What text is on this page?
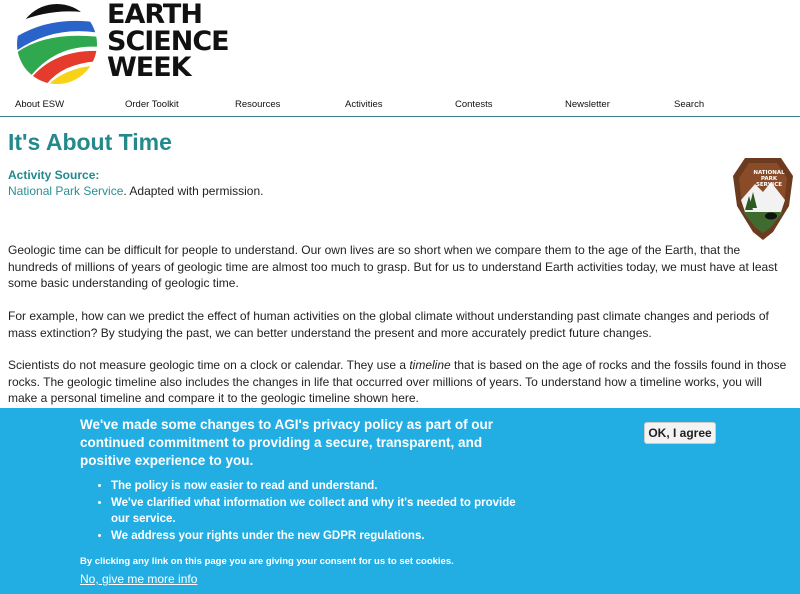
EARTH
SCIENCE
WEEK
About ESW	Order Toolkit	Resources	Activities	Contests	Newsletter	Search
It's About Time
Activity Source:
National Park Service. Adapted with permission.
NATIONAL
PARK
SERVICE

Geologic time can be difficult for people to understand. Our own lives are so short when we compare them to the age of the Earth, that the hundreds of millions of years of geologic time are almost too much to grasp. But for us to understand Earth activities today, we must have at least some basic understanding of geologic time.

For example, how can we predict the effect of human activities on the global climate without understanding past climate changes and periods of mass extinction? By studying the past, we can better understand the present and more accurately predict future changes.

Scientists do not measure geologic time on a clock or calendar. They use a timeline that is based on the age of rocks and the fossils found in those rocks. The geologic timeline also includes the changes in life that occurred over millions of years. To understand how a timeline works, you will make a personal timeline and compare it to the geologic timeline shown here.

We've made some changes to AGI's privacy policy as part of our continued commitment to providing a secure, transparent, and positive experience to you.
• The policy is now easier to read and understand.
• We've clarified what information we collect and why it's needed to provide our service.
• We address your rights under the new GDPR regulations.
By clicking any link on this page you are giving your consent for us to set cookies.
No, give me more info
OK, I agree
